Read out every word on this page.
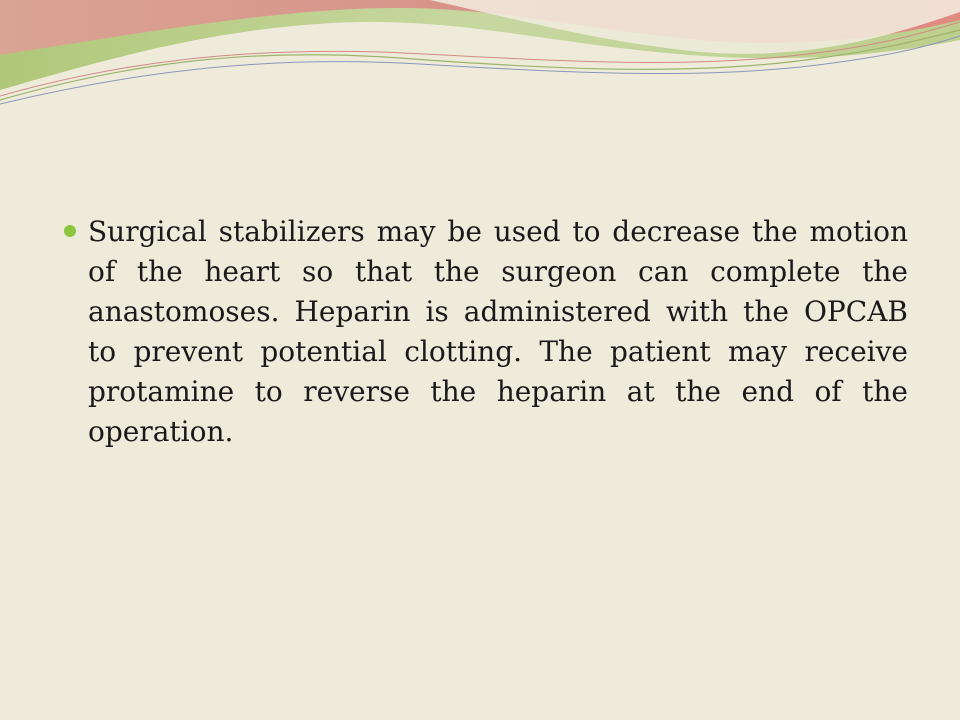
Surgical stabilizers may be used to decrease the motion of the heart so that the surgeon can complete the anastomoses. Heparin is administered with the OPCAB to prevent potential clotting. The patient may receive protamine to reverse the heparin at the end of the operation.
